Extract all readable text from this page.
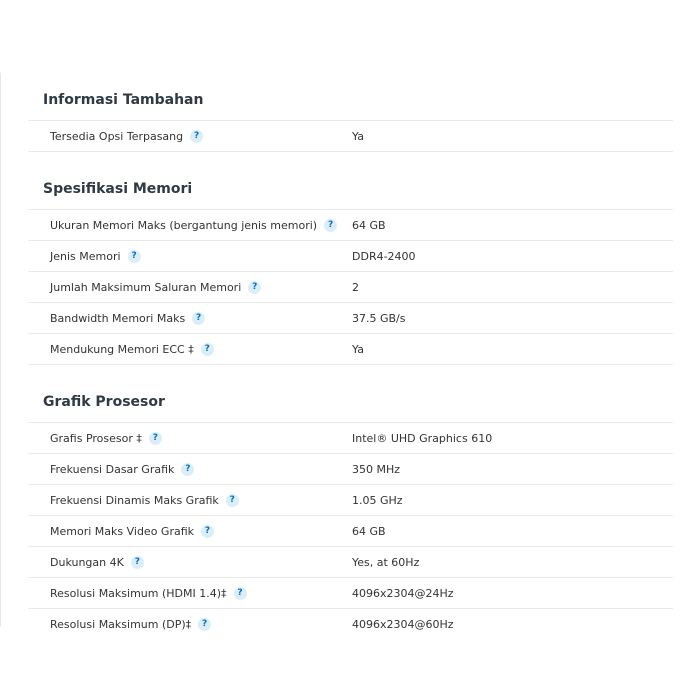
Informasi Tambahan
Tersedia Opsi Terpasang	?	Ya
Spesifikasi Memori
Ukuran Memori Maks (bergantung jenis memori)	?	64 GB
Jenis Memori	?	DDR4-2400
Jumlah Maksimum Saluran Memori	?	2
Bandwidth Memori Maks	?	37.5 GB/s
Mendukung Memori ECC ‡	?	Ya
Grafik Prosesor
Grafis Prosesor ‡	?	Intel® UHD Graphics 610
Frekuensi Dasar Grafik	?	350 MHz
Frekuensi Dinamis Maks Grafik	?	1.05 GHz
Memori Maks Video Grafik	?	64 GB
Dukungan 4K	?	Yes, at 60Hz
Resolusi Maksimum (HDMI 1.4)‡	?	4096x2304@24Hz
Resolusi Maksimum (DP)‡	?	4096x2304@60Hz
